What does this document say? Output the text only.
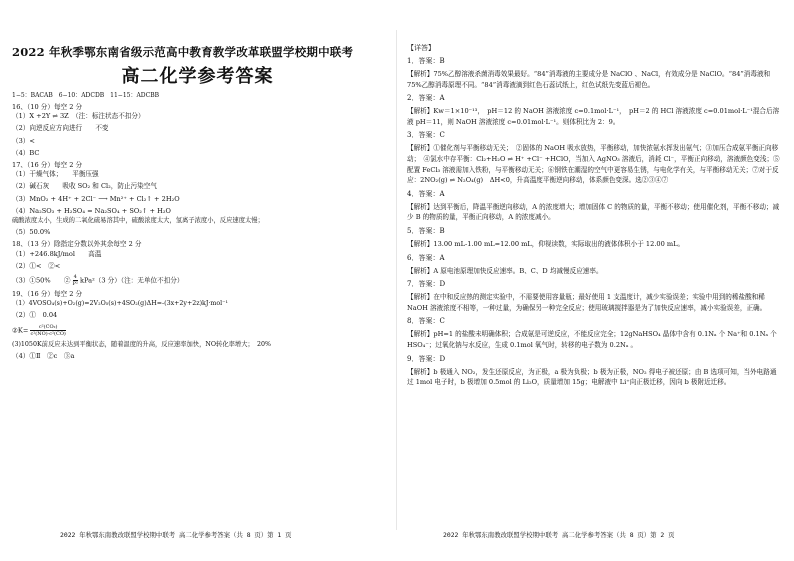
2022 年秋季鄂东南省级示范高中教育教学改革联盟学校期中联考
高二化学参考答案
1−5：BACAB　6−10：ADCDB　11−15：ADCBB
16、（10 分）每空 2 分
（1）X +2Y ⇌ 3Z　（注：标注状态不扣分）
（2）向逆反应方向进行　　不变
（3）<
（4）BC
17、（16 分）每空 2 分
（1）干燥气体；　　平衡压强
（2）碱石灰　　吸收 SO₂ 和 Cl₂，防止污染空气
（3）MnO₂ + 4H⁺ + 2Cl⁻ ⟶ Mn²⁺ + Cl₂↑ + 2H₂O
（4）Na₂SO₃ + H₂SO₄ = Na₂SO₄ + SO₂↑ + H₂O
硫酸浓度太小，生成的二氧化硫易溶其中，硫酸浓度太大，氢离子浓度小，反应速度太慢；
（5）50.0%
18、（13 分）除指定分数以外其余每空 2 分
（1）+246.8kJ/mol　　高温
（2）①<　②<
（3）①50%　　② $\frac{4}{\text{P²}} kPa^2(3$ 分）（注：无单位不扣分）
19、（16 分）每空 2 分
（1）4VOSO₄(s)+O₂(g)=2V₂O₅(s)+4SO₂(g)ΔH=-(3x+2y+2z)kJ·mol⁻¹
（2）①　0.04
②K= $\frac{\text{c²(CO₂)}}{\text{c²(NO)·c²(CO)}}$
(3)1050K前反应未达到平衡状态，随着温度的升高，反应速率加快，NO转化率增大；　20%
（4）①Ⅱ　②c　③a
2022 年秋鄂东南教改联盟学校期中联考 高二化学参考答案（共 8 页）第 1 页
【详答】
1．答案：B
【解析】75%乙醇溶液杀菌消毒效果最好。“84”消毒液的主要成分是 NaClO 、NaCl，有效成分是 NaClO。“84”消毒液和 75%乙醇消毒原理不同。“84”消毒液滴到红色石蕊试纸上，红色试纸先变蓝后褪色。
2．答案：A
【解析】Kw＝1×10⁻¹³，　pH＝12 的 NaOH 溶液浓度 c=0.1mol·L⁻¹，　pH＝2 的 HCl 溶液浓度 c=0.01mol·L⁻¹混合后溶液 pH＝11，则 NaOH 溶液浓度 c=0.01mol·L⁻¹。则体积比为 2：9。
3．答案：C
【解析】①催化剂与平衡移动无关；　②固体的 NaOH 吸水放热，平衡移动，加快浓氨水挥发出氨气；③加压合成氨平衡正向移动；　④氯水中存平衡：Cl₂+H₂O ⇌ H⁺ +Cl⁻ +HClO，当加入 AgNO₃ 溶液后，消耗 Cl⁻，平衡正向移动，溶液颜色变浅；⑤配置 FeCl₃ 溶液需加入铁粉，与平衡移动无关；⑥钢铁在潮湿的空气中更容易生锈，与电化学有关，与平衡移动无关；⑦对于反应：2NO₂(g) ⇌ N₂O₄(g)　ΔH<0，升高温度平衡逆向移动，体系颜色变深。选②③④⑦
4．答案：A
【解析】达到平衡后，降温平衡逆向移动，A 的浓度增大；增加固体 C 的物质的量，平衡不移动；使用催化剂，平衡不移动；减少 B 的物质的量，平衡正向移动，A 的浓度减小。
5．答案：B
【解析】13.00 mL-1.00 mL=12.00 mL，仰视读数，实际取出的液体体积小于 12.00 mL。
6．答案：A
【解析】A 原电池原理加快反应速率。B、C、D 均减慢反应速率。
7．答案：D
【解析】在中和反应热的测定实验中，不需要使用容量瓶；最好使用 1 支温度计，减少实验误差；实验中用到的稀盐酸和稀 NaOH 溶液浓度不相等，一种过量，为确保另一种完全反应；使用玻璃搅拌器是为了加快反应速率，减小实验误差，正确。
8．答案：C
【解析】pH=1 的盐酸未明确体积；合成氨是可逆反应，不能反应完全；12gNaHSO₄ 晶体中含有 0.1Nₐ 个 Na⁺和 0.1Nₐ 个 HSO₄⁻；过氧化钠与水反应，生成 0.1mol 氧气时，转移的电子数为 0.2Nₐ 。
9．答案：D
【解析】b 极通入 NO₂，发生还原反应，为正极，a 极为负极；b 极为正极，NO₂ 得电子被还原；由 B 选项可知，当外电路通过 1mol 电子时，b 极增加 0.5mol 的 Li₂O，质量增加 15g；电解液中 Li⁺向正极迁移，因向 b 极附近迁移。
2022 年秋鄂东南教改联盟学校期中联考 高二化学参考答案（共 8 页）第 2 页
